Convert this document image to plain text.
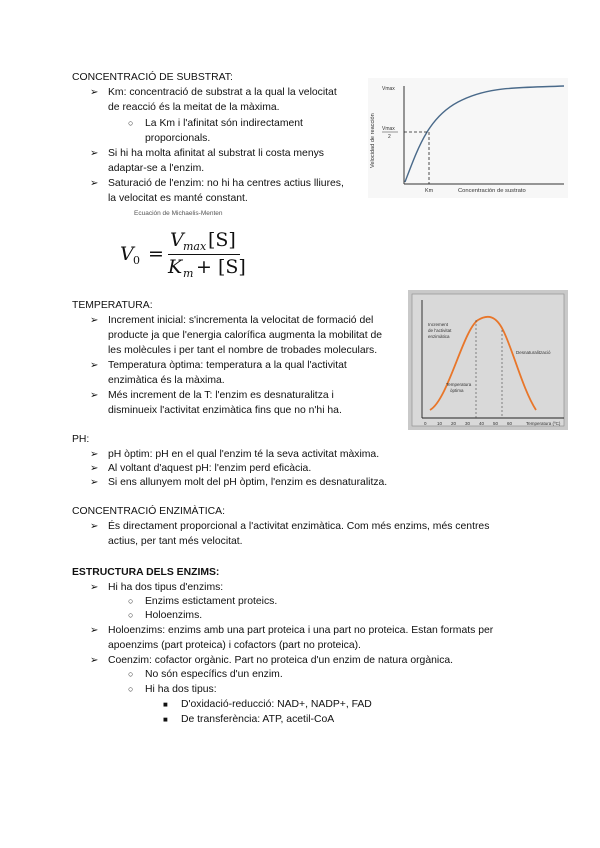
CONCENTRACIÓ DE SUBSTRAT:
➢ Km: concentració de substrat a la qual la velocitat
de reacció és la meitat de la màxima.
○ La Km i l'afinitat són indirectament
proporcionals.
➢ Si hi ha molta afinitat al substrat li costa menys
adaptar-se a l'enzim.
➢ Saturació de l'enzim: no hi ha centres actius lliures,
la velocitat es manté constant.
Velocidad de reacción
Vmax
Vmax
2
Km	Concentración de sustrato
Ecuación de Michaelis-Menten
V 0 =
V max [S]
K m + [S]
TEMPERATURA:
➢ Increment inicial: s'incrementa la velocitat de formació del
producte ja que l'energia calorífica augmenta la mobilitat de
les molècules i per tant el nombre de trobades moleculars.
➢ Temperatura òptima: temperatura a la qual l'activitat
enzimàtica és la màxima.
➢ Més increment de la T: l'enzim es desnaturalitza i
disminueix l'activitat enzimàtica fins que no n'hi ha.
Increment
de l'activitat
enzimàtica
Desnaturalització
Temperatura
òptima
0 10 20 30 40 50 60	Temperatura (ºC)
PH:
➢ pH òptim: pH en el qual l'enzim té la seva activitat màxima.
➢ Al voltant d'aquest pH: l'enzim perd eficàcia.
➢ Si ens allunyem molt del pH òptim, l'enzim es desnaturalitza.
CONCENTRACIÓ ENZIMÀTICA:
➢ És directament proporcional a l'activitat enzimàtica. Com més enzims, més centres
actius, per tant més velocitat.
ESTRUCTURA DELS ENZIMS:
➢ Hi ha dos tipus d'enzims:
○ Enzims estictament proteics.
○ Holoenzims.
➢ Holoenzims: enzims amb una part proteica i una part no proteica. Estan formats per
apoenzims (part proteica) i cofactors (part no proteica).
➢ Coenzim: cofactor orgànic. Part no proteica d'un enzim de natura orgànica.
○ No són específics d'un enzim.
○ Hi ha dos tipus:
■ D'oxidació-reducció: NAD+, NADP+, FAD
■ De transferència: ATP, acetil-CoA
